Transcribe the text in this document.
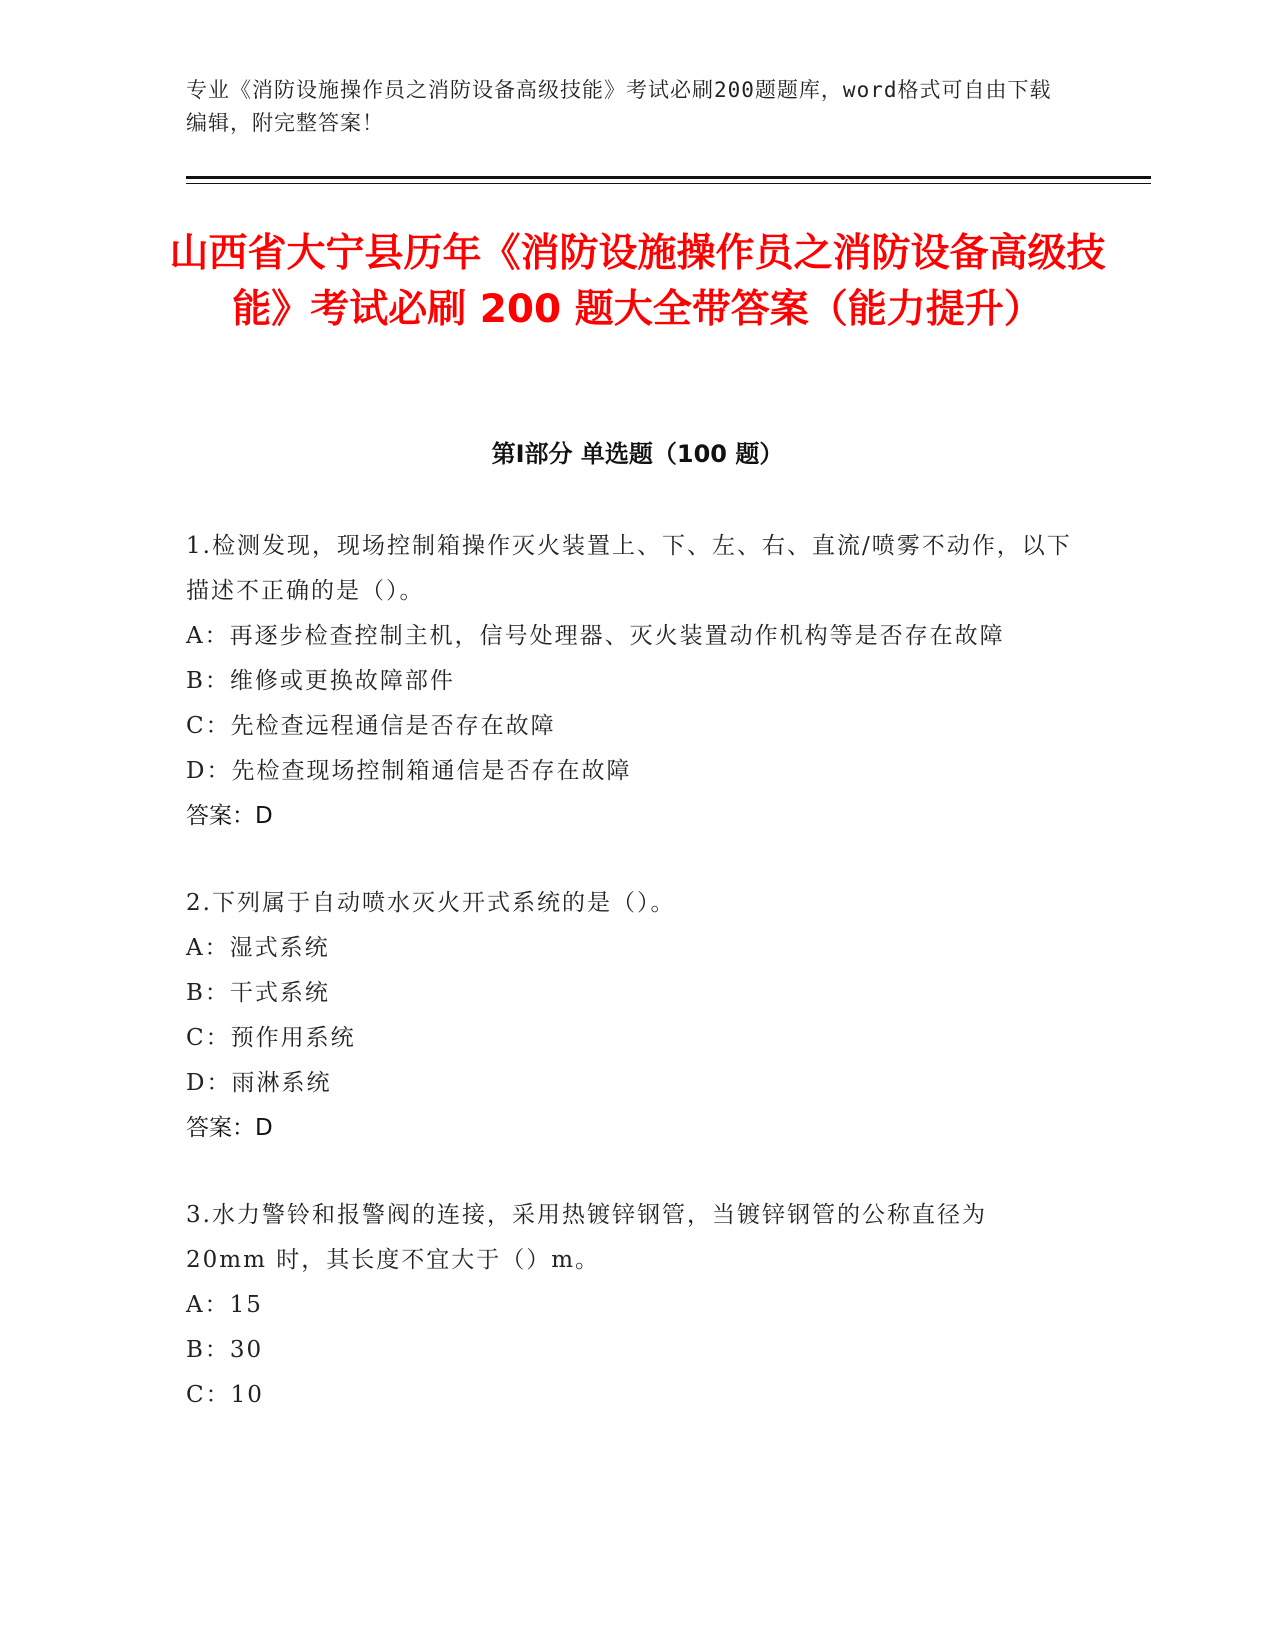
专业《消防设施操作员之消防设备高级技能》考试必刷200题题库，word格式可自由下载编辑，附完整答案！
山西省大宁县历年《消防设施操作员之消防设备高级技能》考试必刷 200 题大全带答案（能力提升）
第Ⅰ部分 单选题（100 题）

1.检测发现，现场控制箱操作灭火装置上、下、左、右、直流/喷雾不动作，以下描述不正确的是（）。

A：再逐步检查控制主机，信号处理器、灭火装置动作机构等是否存在故障

B：维修或更换故障部件

C：先检查远程通信是否存在故障

D：先检查现场控制箱通信是否存在故障

答案：D

2.下列属于自动喷水灭火开式系统的是（）。

A：湿式系统

B：干式系统

C：预作用系统

D：雨淋系统

答案：D

3.水力警铃和报警阀的连接，采用热镀锌钢管，当镀锌钢管的公称直径为 20mm 时，其长度不宜大于（）m。

A：15

B：30

C：10
